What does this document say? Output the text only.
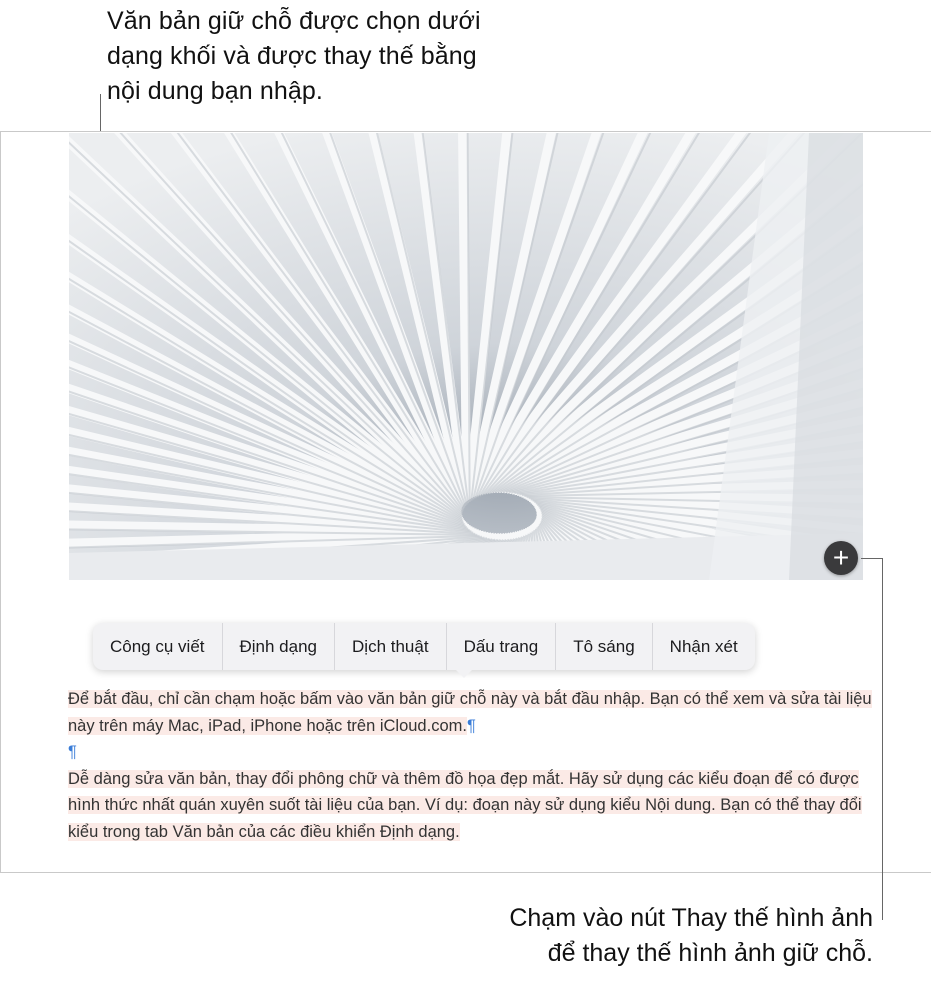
Văn bản giữ chỗ được chọn dưới dạng khối và được thay thế bằng nội dung bạn nhập.
+
Công cụ viết	Định dạng	Dịch thuật	Dấu trang	Tô sáng	Nhận xét

Để bắt đầu, chỉ cần chạm hoặc bấm vào văn bản giữ chỗ này và bắt đầu nhập. Bạn có thể xem và sửa tài liệu này trên máy Mac, iPad, iPhone hoặc trên iCloud.com.¶

¶

Dễ dàng sửa văn bản, thay đổi phông chữ và thêm đồ họa đẹp mắt. Hãy sử dụng các kiểu đoạn để có được hình thức nhất quán xuyên suốt tài liệu của bạn. Ví dụ: đoạn này sử dụng kiểu Nội dung. Bạn có thể thay đổi kiểu trong tab Văn bản của các điều khiển Định dạng.

Chạm vào nút Thay thế hình ảnh
để thay thế hình ảnh giữ chỗ.
